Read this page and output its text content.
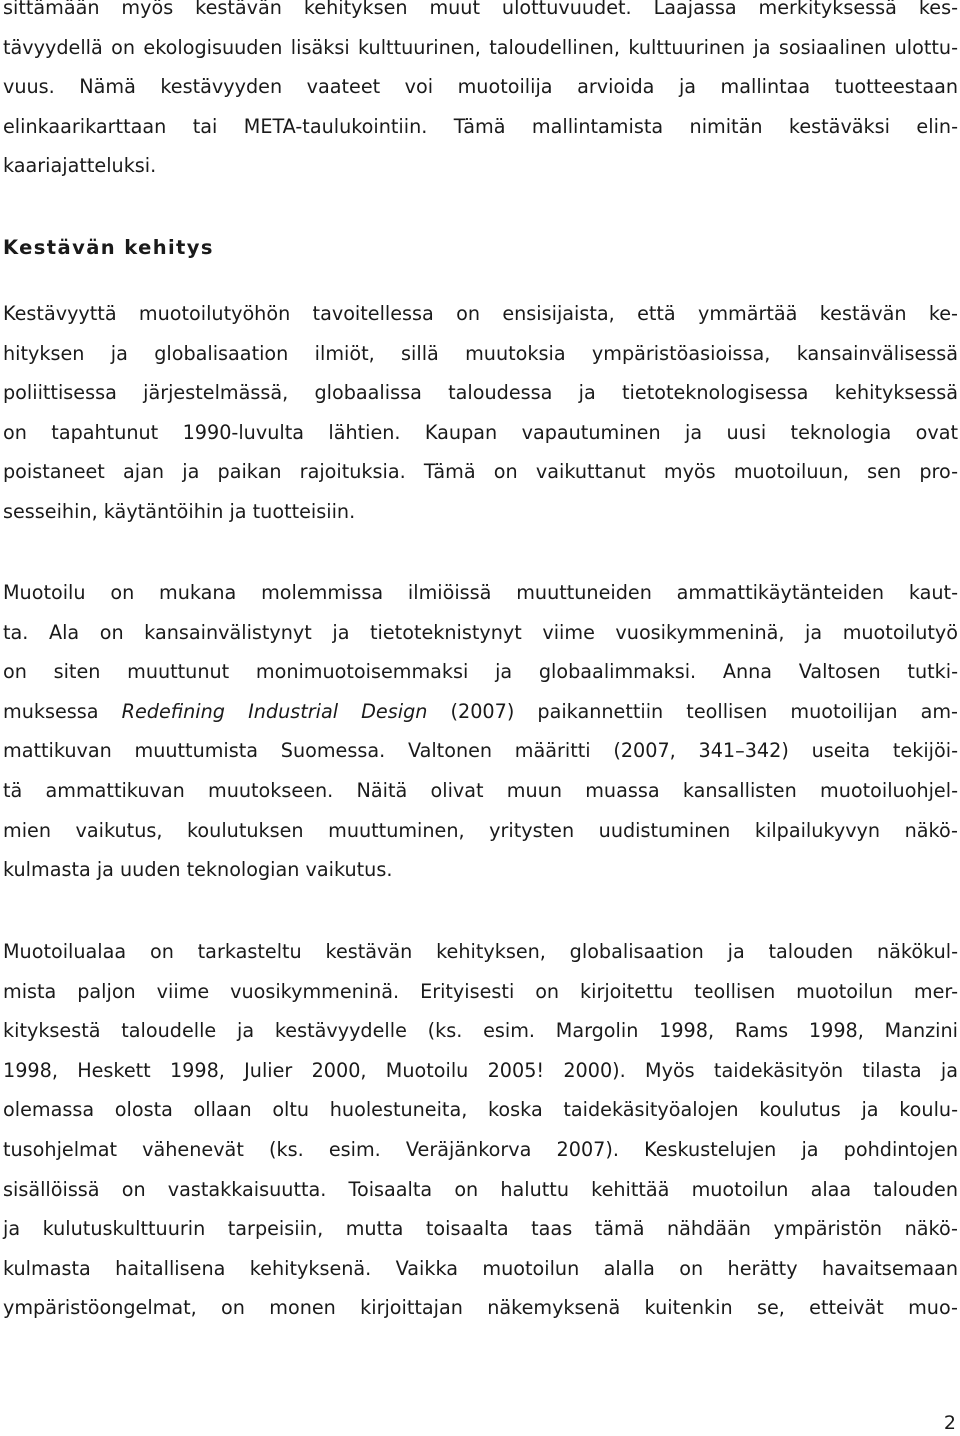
sittämään myös kestävän kehityksen muut ulottuvuudet. Laajassa merkityksessä kes-
tävyydellä on ekologisuuden lisäksi kulttuurinen, taloudellinen, kulttuurinen ja sosiaalinen ulottu-
vuus. Nämä kestävyyden vaateet voi muotoilija arvioida ja mallintaa tuotteestaan
elinkaarikarttaan tai META-taulukointiin. Tämä mallintamista nimitän kestäväksi elin-
kaariajatteluksi.
Kestävän kehitys
Kestävyyttä muotoilutyöhön tavoitellessa on ensisijaista, että ymmärtää kestävän ke-
hityksen ja globalisaation ilmiöt, sillä muutoksia ympäristöasioissa, kansainvälisessä
poliittisessa järjestelmässä, globaalissa taloudessa ja tietoteknologisessa kehityksessä
on tapahtunut 1990-luvulta lähtien. Kaupan vapautuminen ja uusi teknologia ovat
poistaneet ajan ja paikan rajoituksia. Tämä on vaikuttanut myös muotoiluun, sen pro-
sesseihin, käytäntöihin ja tuotteisiin.
Muotoilu on mukana molemmissa ilmiöissä muuttuneiden ammattikäytänteiden kaut-
ta. Ala on kansainvälistynyt ja tietoteknistynyt viime vuosikymmeninä, ja muotoilutyö
on siten muuttunut monimuotoisemmaksi ja globaalimmaksi. Anna Valtosen tutki-
muksessa Redefining Industrial Design (2007) paikannettiin teollisen muotoilijan am-
mattikuvan muuttumista Suomessa. Valtonen määritti (2007, 341–342) useita tekijöi-
tä ammattikuvan muutokseen. Näitä olivat muun muassa kansallisten muotoiluohjel-
mien vaikutus, koulutuksen muuttuminen, yritysten uudistuminen kilpailukyvyn näkö-
kulmasta ja uuden teknologian vaikutus.
Muotoilualaa on tarkasteltu kestävän kehityksen, globalisaation ja talouden näkökul-
mista paljon viime vuosikymmeninä. Erityisesti on kirjoitettu teollisen muotoilun mer-
kityksestä taloudelle ja kestävyydelle (ks. esim. Margolin 1998, Rams 1998, Manzini
1998, Heskett 1998, Julier 2000, Muotoilu 2005! 2000). Myös taidekäsityön tilasta ja
olemassa olosta ollaan oltu huolestuneita, koska taidekäsityöalojen koulutus ja koulu-
tusohjelmat vähenevät (ks. esim. Veräjänkorva 2007). Keskustelujen ja pohdintojen
sisällöissä on vastakkaisuutta. Toisaalta on haluttu kehittää muotoilun alaa talouden
ja kulutuskulttuurin tarpeisiin, mutta toisaalta taas tämä nähdään ympäristön näkö-
kulmasta haitallisena kehityksenä. Vaikka muotoilun alalla on herätty havaitsemaan
ympäristöongelmat, on monen kirjoittajan näkemyksenä kuitenkin se, etteivät muo-
2
